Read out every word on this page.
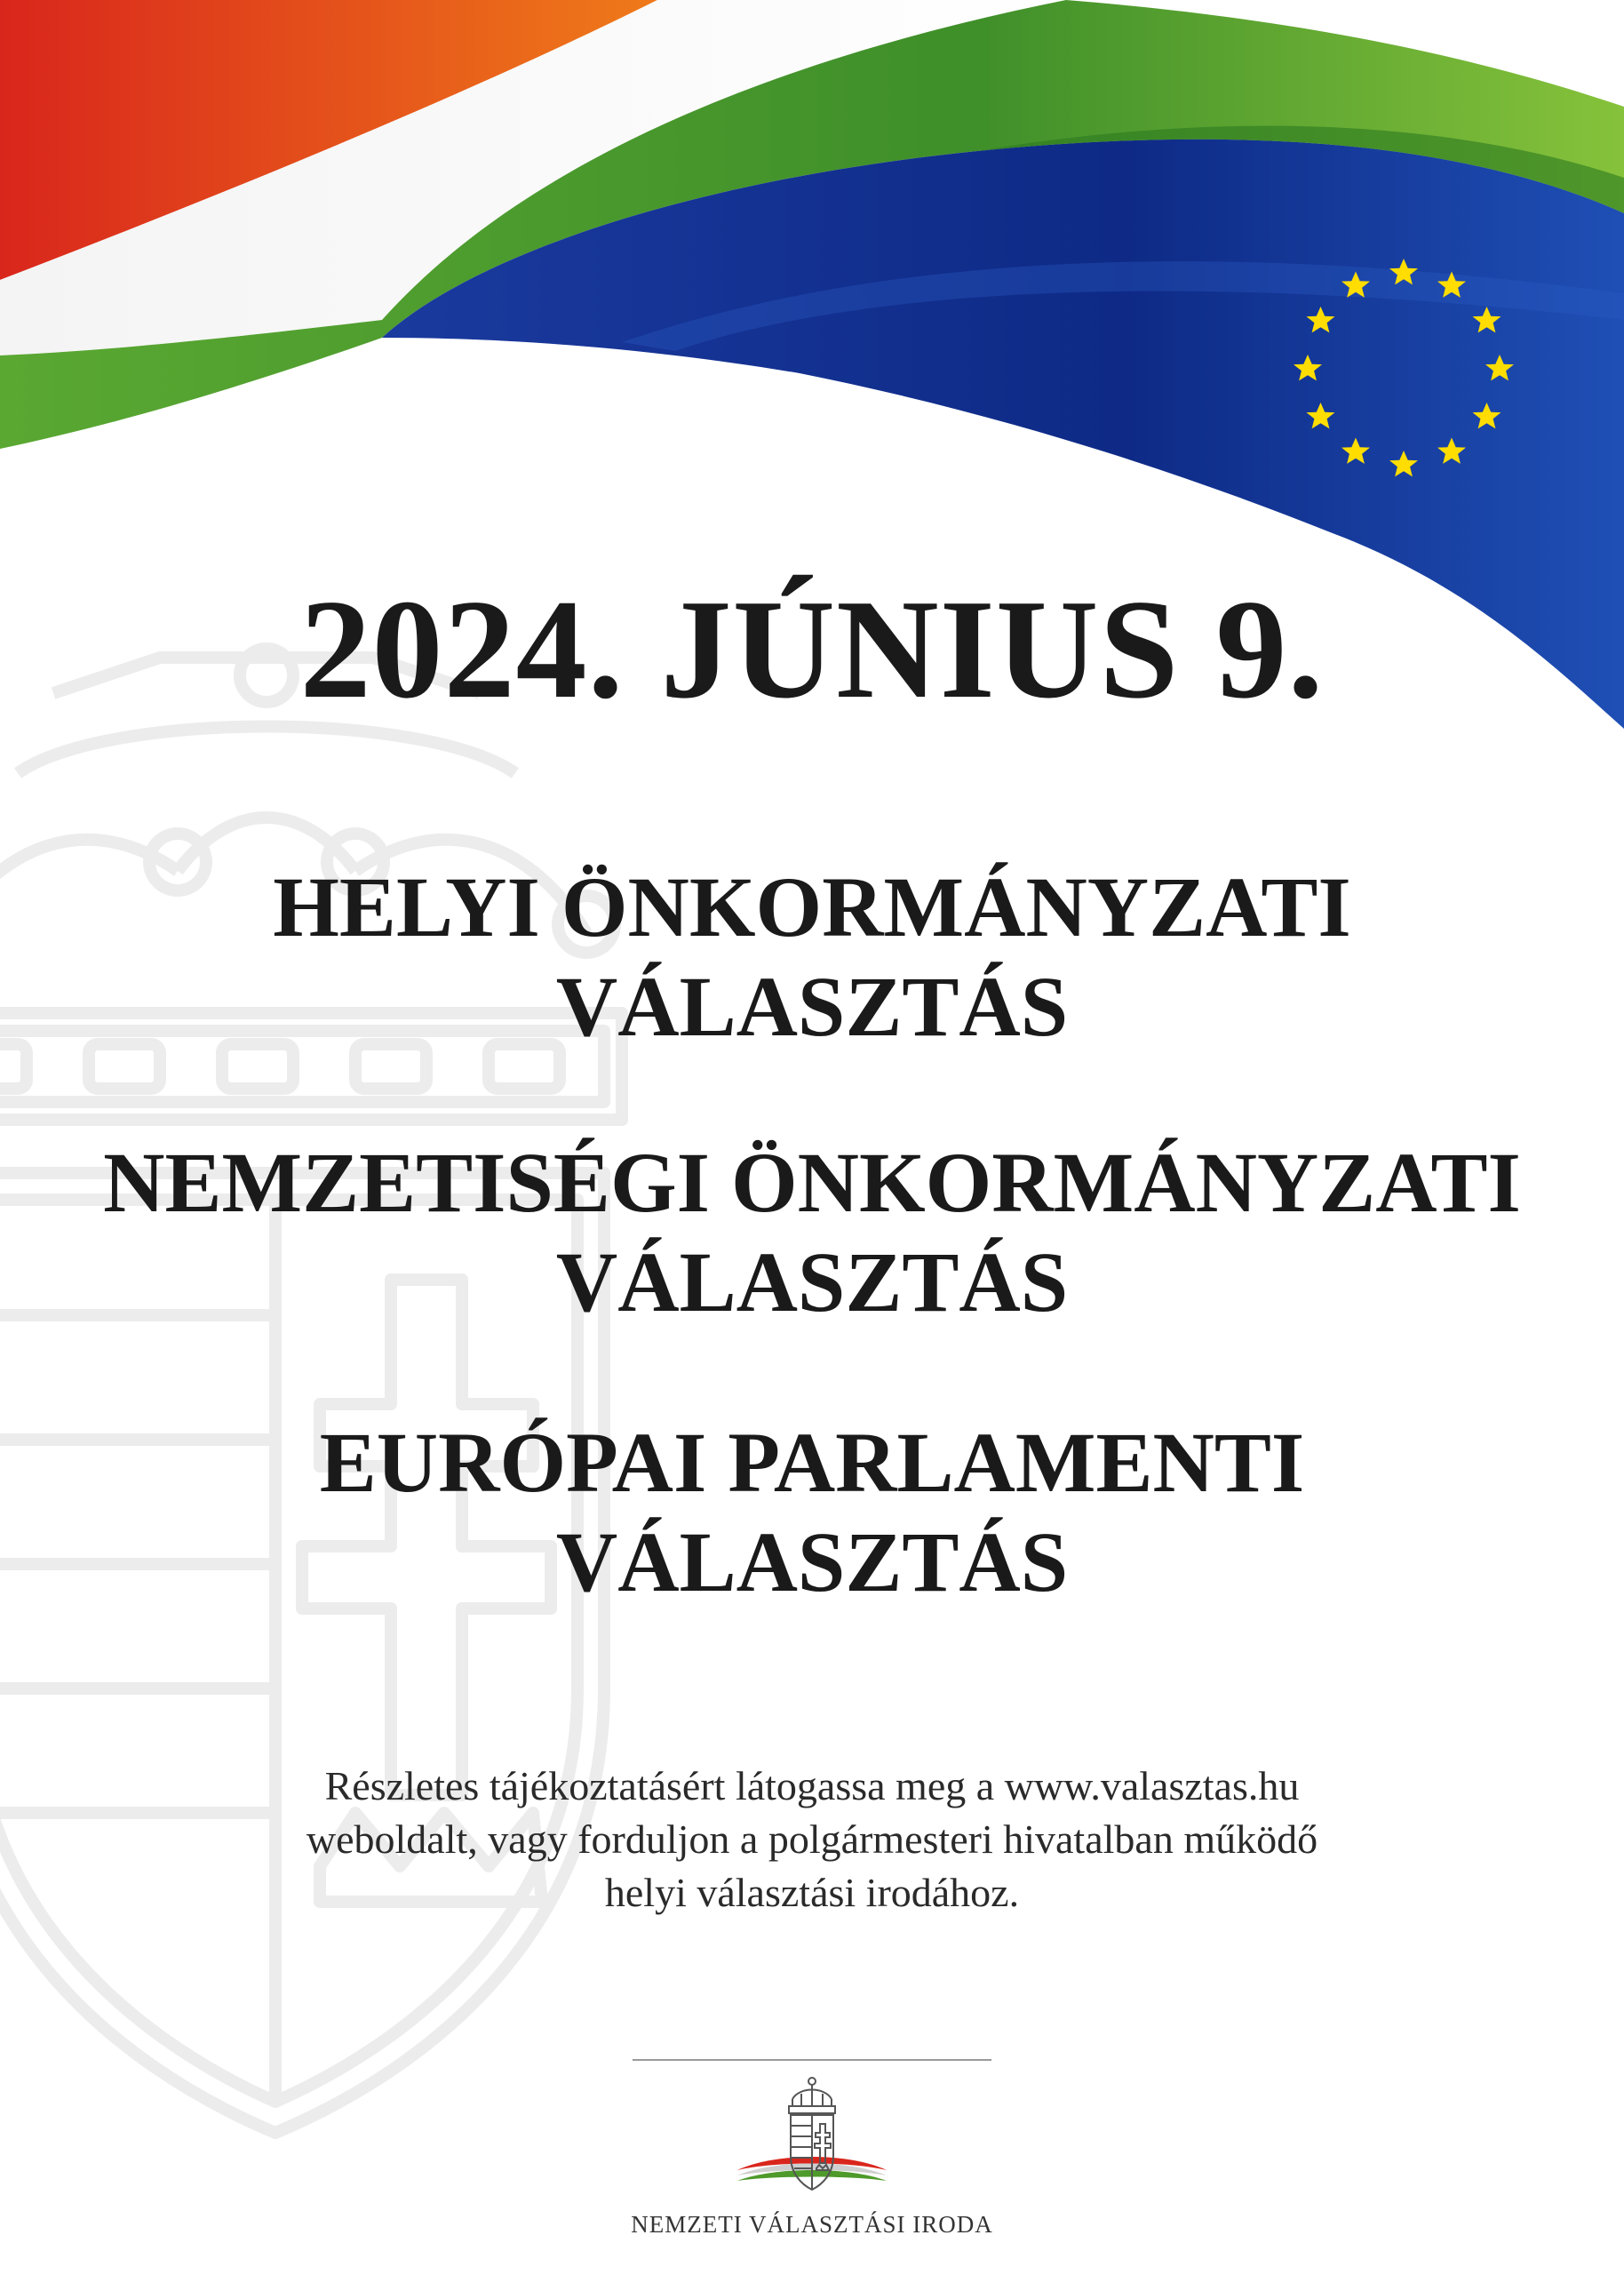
2024. JÚNIUS 9.
HELYI ÖNKORMÁNYZATI
VÁLASZTÁS
NEMZETISÉGI ÖNKORMÁNYZATI
VÁLASZTÁS
EURÓPAI PARLAMENTI
VÁLASZTÁS

Részletes tájékoztatásért látogassa meg a www.valasztas.hu
weboldalt, vagy forduljon a polgármesteri hivatalban működő
helyi választási irodához.

NEMZETI VÁLASZTÁSI IRODA
